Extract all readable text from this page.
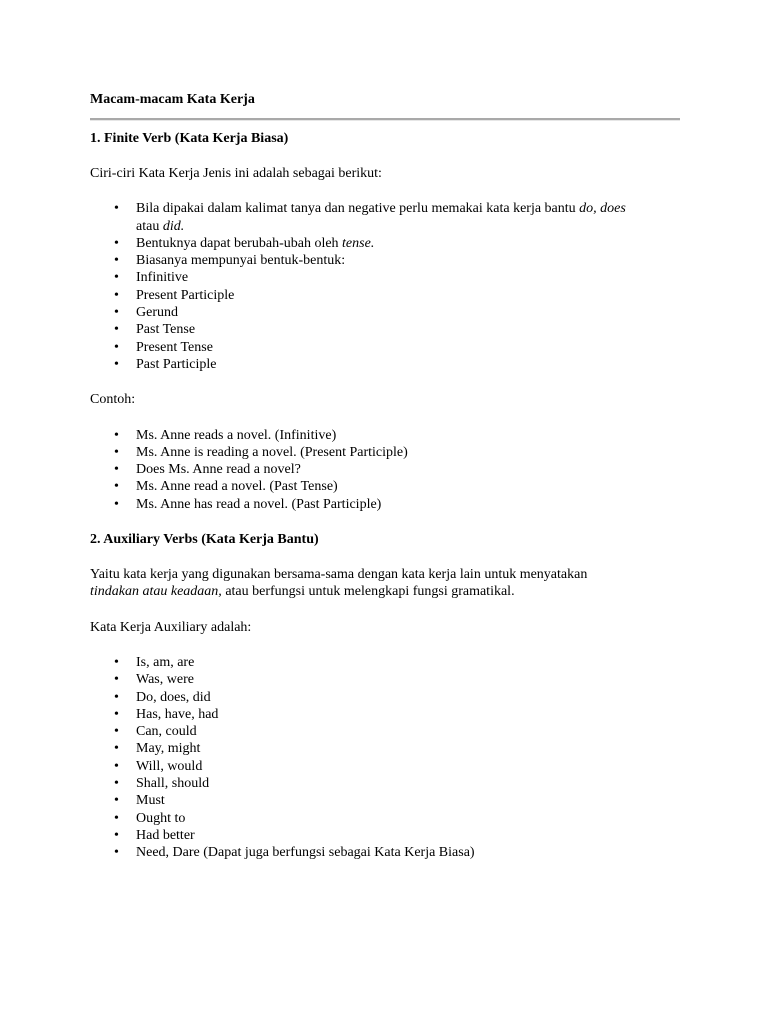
Macam-macam Kata Kerja
1. Finite Verb (Kata Kerja Biasa)

Ciri-ciri Kata Kerja Jenis ini adalah sebagai berikut:

• Bila dipakai dalam kalimat tanya dan negative perlu memakai kata kerja bantu do, does
atau did.
• Bentuknya dapat berubah-ubah oleh tense.
• Biasanya mempunyai bentuk-bentuk:
• Infinitive
• Present Participle
• Gerund
• Past Tense
• Present Tense
• Past Participle

Contoh:

• Ms. Anne reads a novel. (Infinitive)
• Ms. Anne is reading a novel. (Present Participle)
• Does Ms. Anne read a novel?
• Ms. Anne read a novel. (Past Tense)
• Ms. Anne has read a novel. (Past Participle)
2. Auxiliary Verbs (Kata Kerja Bantu)

Yaitu kata kerja yang digunakan bersama-sama dengan kata kerja lain untuk menyatakan
tindakan atau keadaan, atau berfungsi untuk melengkapi fungsi gramatikal.

Kata Kerja Auxiliary adalah:

• Is, am, are
• Was, were
• Do, does, did
• Has, have, had
• Can, could
• May, might
• Will, would
• Shall, should
• Must
• Ought to
• Had better
• Need, Dare (Dapat juga berfungsi sebagai Kata Kerja Biasa)
